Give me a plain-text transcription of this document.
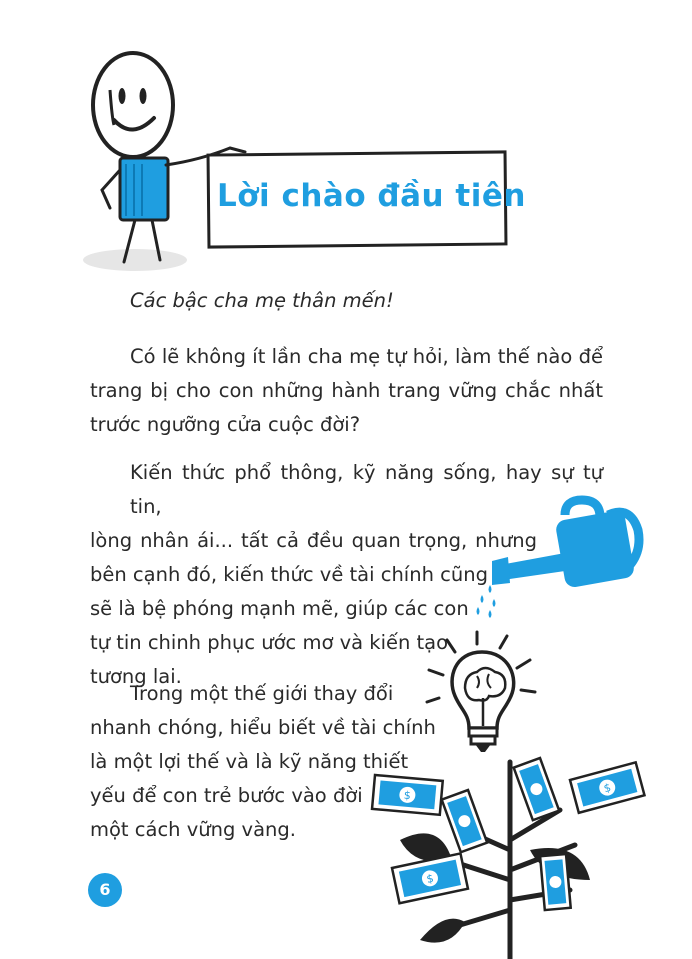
Lời chào đầu tiên

Các bậc cha mẹ thân mến!

Có lẽ không ít lần cha mẹ tự hỏi, làm thế nào để
trang bị cho con những hành trang vững chắc nhất
trước ngưỡng cửa cuộc đời?
Kiến thức phổ thông, kỹ năng sống, hay sự tự tin,
lòng nhân ái... tất cả đều quan trọng, nhưng
bên cạnh đó, kiến thức về tài chính cũng
sẽ là bệ phóng mạnh mẽ, giúp các con
tự tin chinh phục ước mơ và kiến tạo
tương lai.
Trong một thế giới thay đổi
nhanh chóng, hiểu biết về tài chính
là một lợi thế và là kỹ năng thiết
yếu để con trẻ bước vào đời
một cách vững vàng.
$
$
$
6
